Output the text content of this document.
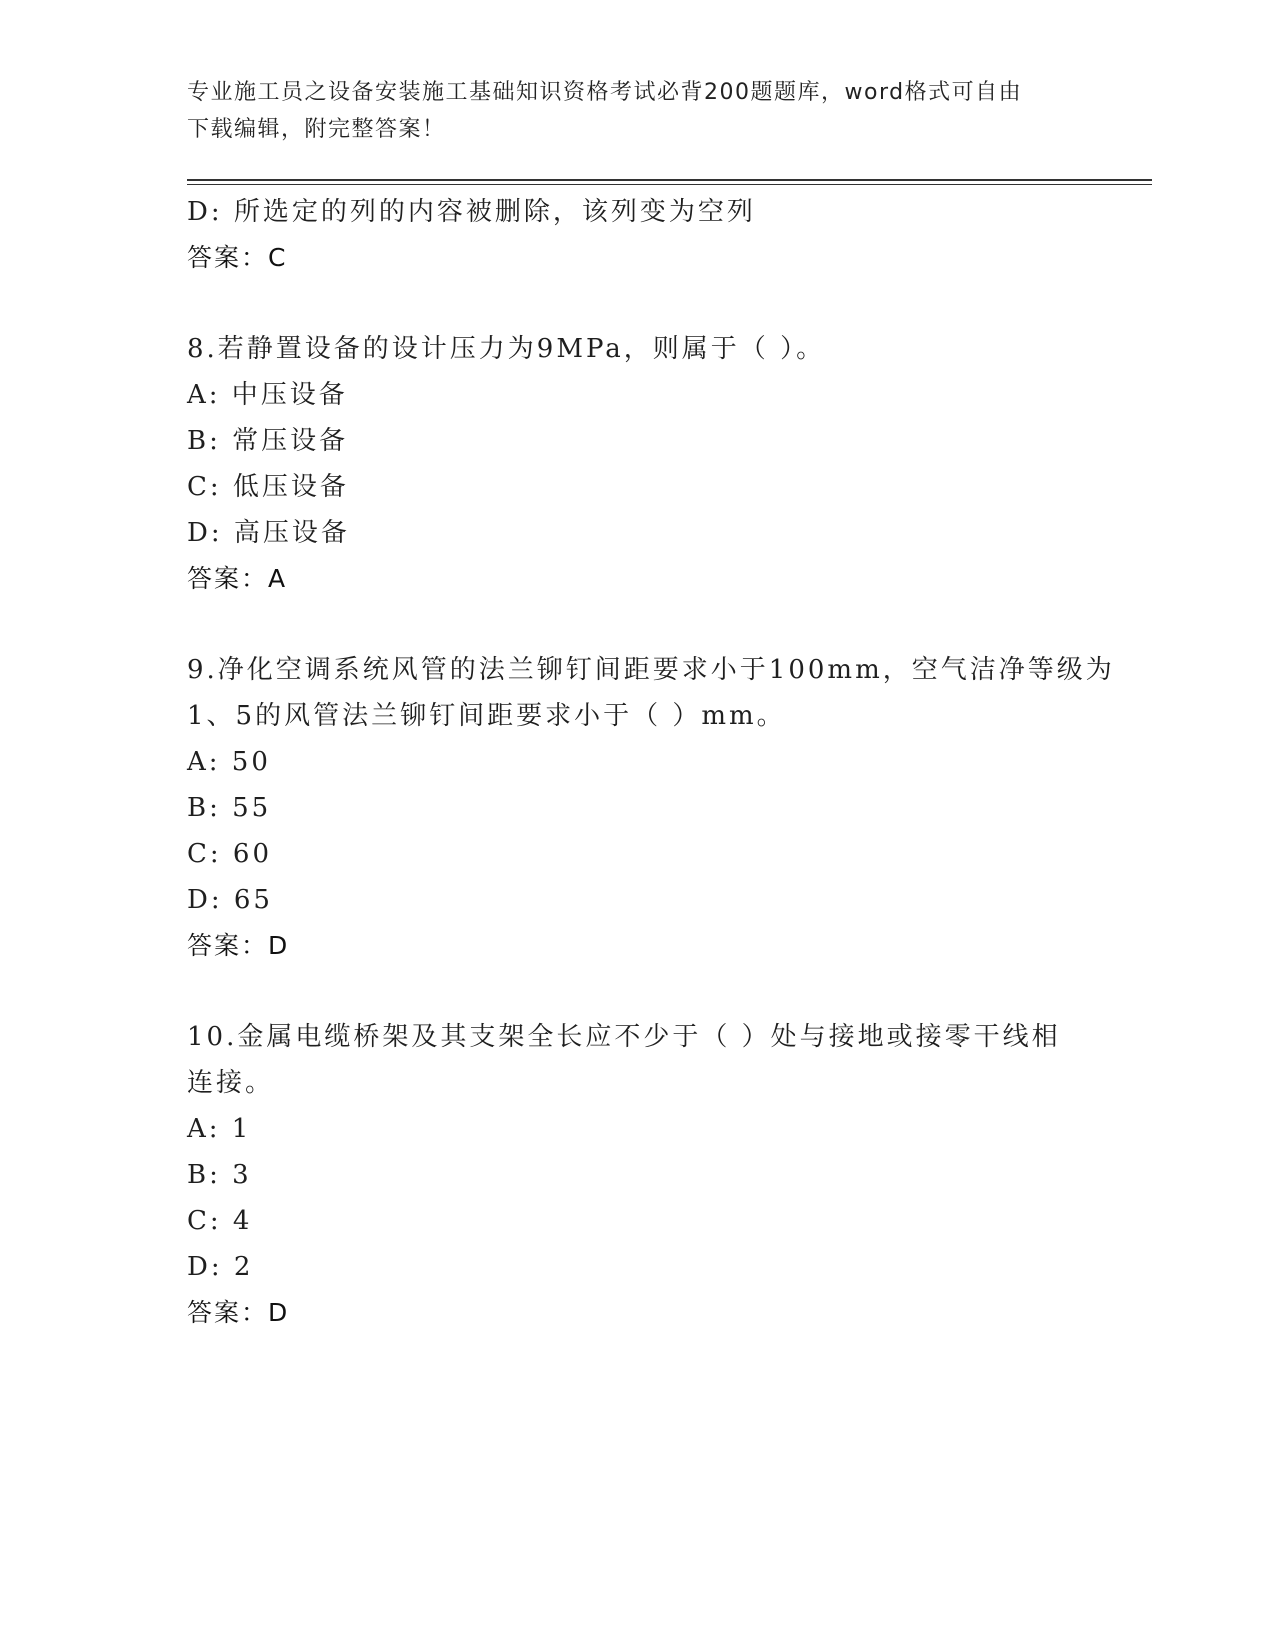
专业施工员之设备安装施工基础知识资格考试必背200题题库，word格式可自由
下载编辑，附完整答案！
D: 所选定的列的内容被删除，该列变为空列
答案：C
8.若静置设备的设计压力为9MPa，则属于（ ）。
A: 中压设备
B: 常压设备
C: 低压设备
D: 高压设备
答案：A
9.净化空调系统风管的法兰铆钉间距要求小于100mm，空气洁净等级为
1、5的风管法兰铆钉间距要求小于（ ）mm。
A: 50
B: 55
C: 60
D: 65
答案：D
10.金属电缆桥架及其支架全长应不少于（ ）处与接地或接零干线相
连接。
A: 1
B: 3
C: 4
D: 2
答案：D
